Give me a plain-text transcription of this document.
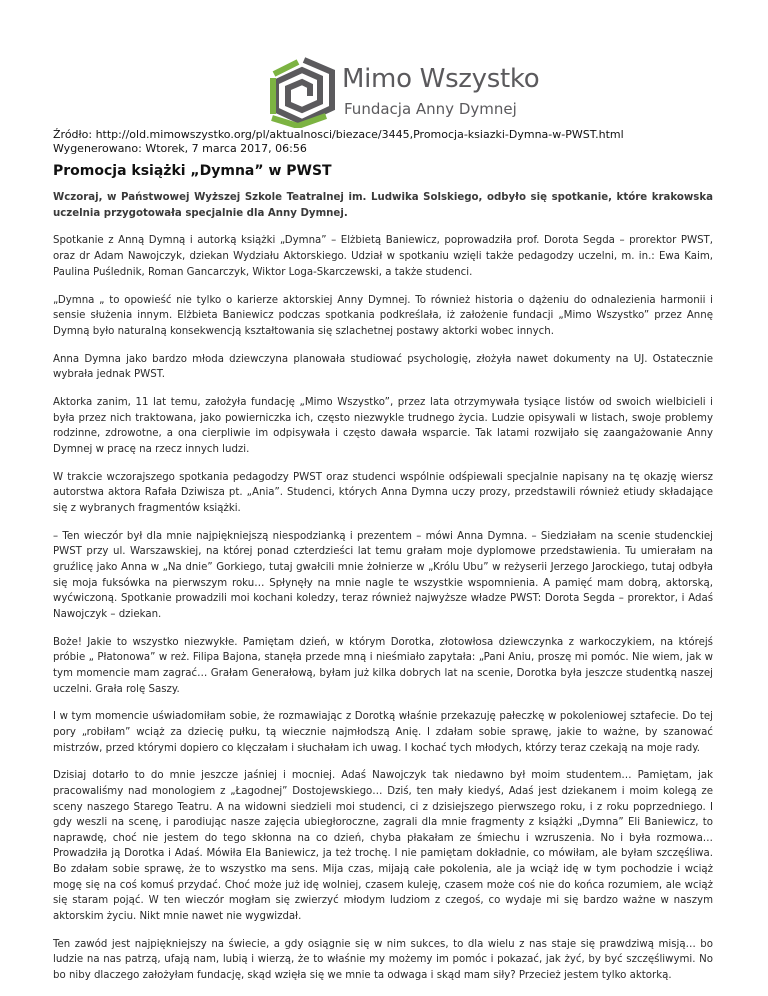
Mimo Wszystko
Fundacja Anny Dymnej
Źródło: http://old.mimowszystko.org/pl/aktualnosci/biezace/3445,Promocja-ksiazki-Dymna-w-PWST.html
Wygenerowano: Wtorek, 7 marca 2017, 06:56
Promocja książki „Dymna” w PWST

Wczoraj, w Państwowej Wyższej Szkole Teatralnej im. Ludwika Solskiego, odbyło się spotkanie, które krakowska uczelnia przygotowała specjalnie dla Anny Dymnej.

Spotkanie z Anną Dymną i autorką książki „Dymna” – Elżbietą Baniewicz, poprowadziła prof. Dorota Segda – prorektor PWST, oraz dr Adam Nawojczyk, dziekan Wydziału Aktorskiego. Udział w spotkaniu wzięli także pedagodzy uczelni, m. in.: Ewa Kaim, Paulina Puślednik, Roman Gancarczyk, Wiktor Loga-Skarczewski, a także studenci.

„Dymna „ to opowieść nie tylko o karierze aktorskiej Anny Dymnej. To również historia o dążeniu do odnalezienia harmonii i sensie służenia innym. Elżbieta Baniewicz podczas spotkania podkreślała, iż założenie fundacji „Mimo Wszystko” przez Annę Dymną było naturalną konsekwencją kształtowania się szlachetnej postawy aktorki wobec innych.

Anna Dymna jako bardzo młoda dziewczyna planowała studiować psychologię, złożyła nawet dokumenty na UJ. Ostatecznie wybrała jednak PWST.

Aktorka zanim, 11 lat temu, założyła fundację „Mimo Wszystko”, przez lata otrzymywała tysiące listów od swoich wielbicieli i była przez nich traktowana, jako powierniczka ich, często niezwykle trudnego życia. Ludzie opisywali w listach, swoje problemy rodzinne, zdrowotne, a ona cierpliwie im odpisywała i często dawała wsparcie. Tak latami rozwijało się zaangażowanie Anny Dymnej w pracę na rzecz innych ludzi.

W trakcie wczorajszego spotkania pedagodzy PWST oraz studenci wspólnie odśpiewali specjalnie napisany na tę okazję wiersz autorstwa aktora Rafała Dziwisza pt. „Ania”. Studenci, których Anna Dymna uczy prozy, przedstawili również etiudy składające się z wybranych fragmentów książki.

– Ten wieczór był dla mnie najpiękniejszą niespodzianką i prezentem – mówi Anna Dymna. – Siedziałam na scenie studenckiej PWST przy ul. Warszawskiej, na której ponad czterdzieści lat temu grałam moje dyplomowe przedstawienia. Tu umierałam na gruźlicę jako Anna w „Na dnie” Gorkiego, tutaj gwałcili mnie żołnierze w „Królu Ubu” w reżyserii Jerzego Jarockiego, tutaj odbyła się moja fuksówka na pierwszym roku… Spłynęły na mnie nagle te wszystkie wspomnienia. A pamięć mam dobrą, aktorską, wyćwiczoną. Spotkanie prowadzili moi kochani koledzy, teraz również najwyższe władze PWST: Dorota Segda – prorektor, i Adaś Nawojczyk – dziekan.

Boże! Jakie to wszystko niezwykłe. Pamiętam dzień, w którym Dorotka, złotowłosa dziewczynka z warkoczykiem, na którejś próbie „ Płatonowa” w reż. Filipa Bajona, stanęła przede mną i nieśmiało zapytała: „Pani Aniu, proszę mi pomóc. Nie wiem, jak w tym momencie mam zagrać… Grałam Generałową, byłam już kilka dobrych lat na scenie, Dorotka była jeszcze studentką naszej uczelni. Grała rolę Saszy.

I w tym momencie uświadomiłam sobie, że rozmawiając z Dorotką właśnie przekazuję pałeczkę w pokoleniowej sztafecie. Do tej pory „robiłam” wciąż za dziecię pułku, tą wiecznie najmłodszą Anię. I zdałam sobie sprawę, jakie to ważne, by szanować mistrzów, przed którymi dopiero co klęczałam i słuchałam ich uwag. I kochać tych młodych, którzy teraz czekają na moje rady.

Dzisiaj dotarło to do mnie jeszcze jaśniej i mocniej. Adaś Nawojczyk tak niedawno był moim studentem… Pamiętam, jak pracowaliśmy nad monologiem z „Łagodnej” Dostojewskiego… Dziś, ten mały kiedyś, Adaś jest dziekanem i moim kolegą ze sceny naszego Starego Teatru. A na widowni siedzieli moi studenci, ci z dzisiejszego pierwszego roku, i z roku poprzedniego. I gdy weszli na scenę, i parodiując nasze zajęcia ubiegłoroczne, zagrali dla mnie fragmenty z książki „Dymna” Eli Baniewicz, to naprawdę, choć nie jestem do tego skłonna na co dzień, chyba płakałam ze śmiechu i wzruszenia. No i była rozmowa… Prowadziła ją Dorotka i Adaś. Mówiła Ela Baniewicz, ja też trochę. I nie pamiętam dokładnie, co mówiłam, ale byłam szczęśliwa. Bo zdałam sobie sprawę, że to wszystko ma sens. Mija czas, mijają całe pokolenia, ale ja wciąż idę w tym pochodzie i wciąż mogę się na coś komuś przydać. Choć może już idę wolniej, czasem kuleję, czasem może coś nie do końca rozumiem, ale wciąż się staram pojąć. W ten wieczór mogłam się zwierzyć młodym ludziom z czegoś, co wydaje mi się bardzo ważne w naszym aktorskim życiu. Nikt mnie nawet nie wygwizdał.

Ten zawód jest najpiękniejszy na świecie, a gdy osiągnie się w nim sukces, to dla wielu z nas staje się prawdziwą misją… bo ludzie na nas patrzą, ufają nam, lubią i wierzą, że to właśnie my możemy im pomóc i pokazać, jak żyć, by być szczęśliwymi. No bo niby dlaczego założyłam fundację, skąd wzięła się we mnie ta odwaga i skąd mam siły? Przecież jestem tylko aktorką.
